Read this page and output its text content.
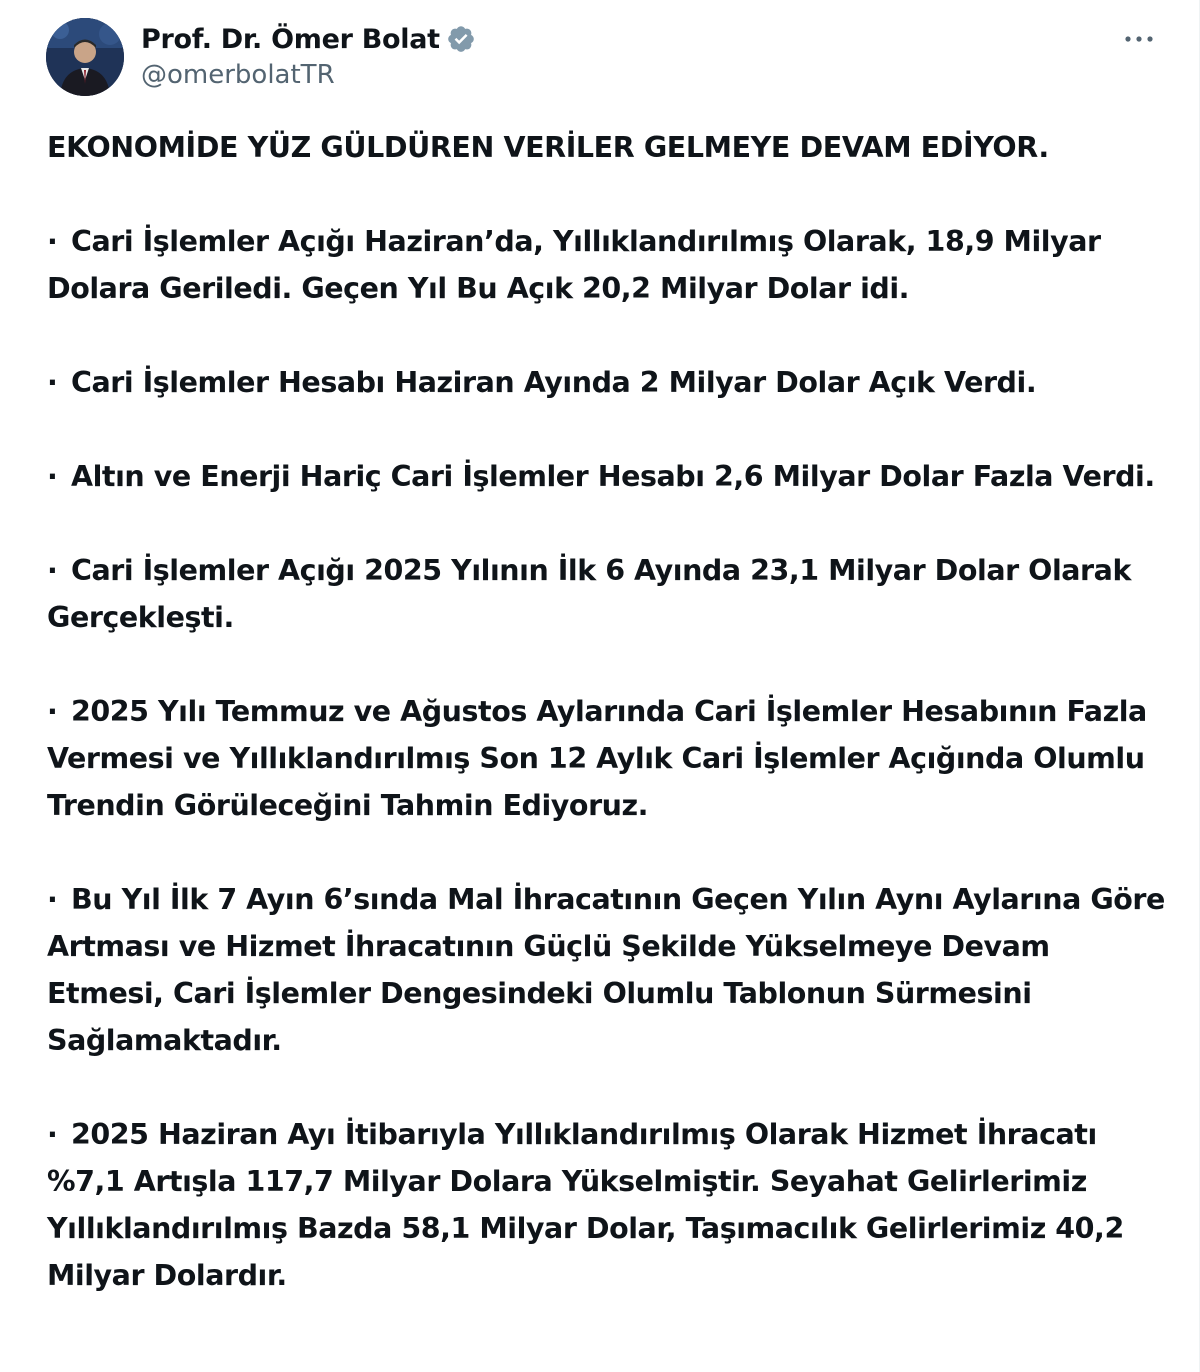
Prof. Dr. Ömer Bolat
@omerbolatTR

EKONOMİDE YÜZ GÜLDÜREN VERİLER GELMEYE DEVAM EDİYOR.

· Cari İşlemler Açığı Haziran’da, Yıllıklandırılmış Olarak, 18,9 Milyar Dolara Geriledi. Geçen Yıl Bu Açık 20,2 Milyar Dolar idi.

· Cari İşlemler Hesabı Haziran Ayında 2 Milyar Dolar Açık Verdi.

· Altın ve Enerji Hariç Cari İşlemler Hesabı 2,6 Milyar Dolar Fazla Verdi.

· Cari İşlemler Açığı 2025 Yılının İlk 6 Ayında 23,1 Milyar Dolar Olarak Gerçekleşti.

· 2025 Yılı Temmuz ve Ağustos Aylarında Cari İşlemler Hesabının Fazla Vermesi ve Yıllıklandırılmış Son 12 Aylık Cari İşlemler Açığında Olumlu Trendin Görüleceğini Tahmin Ediyoruz.

· Bu Yıl İlk 7 Ayın 6’sında Mal İhracatının Geçen Yılın Aynı Aylarına Göre Artması ve Hizmet İhracatının Güçlü Şekilde Yükselmeye Devam Etmesi, Cari İşlemler Dengesindeki Olumlu Tablonun Sürmesini Sağlamaktadır.

· 2025 Haziran Ayı İtibarıyla Yıllıklandırılmış Olarak Hizmet İhracatı %7,1 Artışla 117,7 Milyar Dolara Yükselmiştir. Seyahat Gelirlerimiz Yıllıklandırılmış Bazda 58,1 Milyar Dolar, Taşımacılık Gelirlerimiz 40,2 Milyar Dolardır.
